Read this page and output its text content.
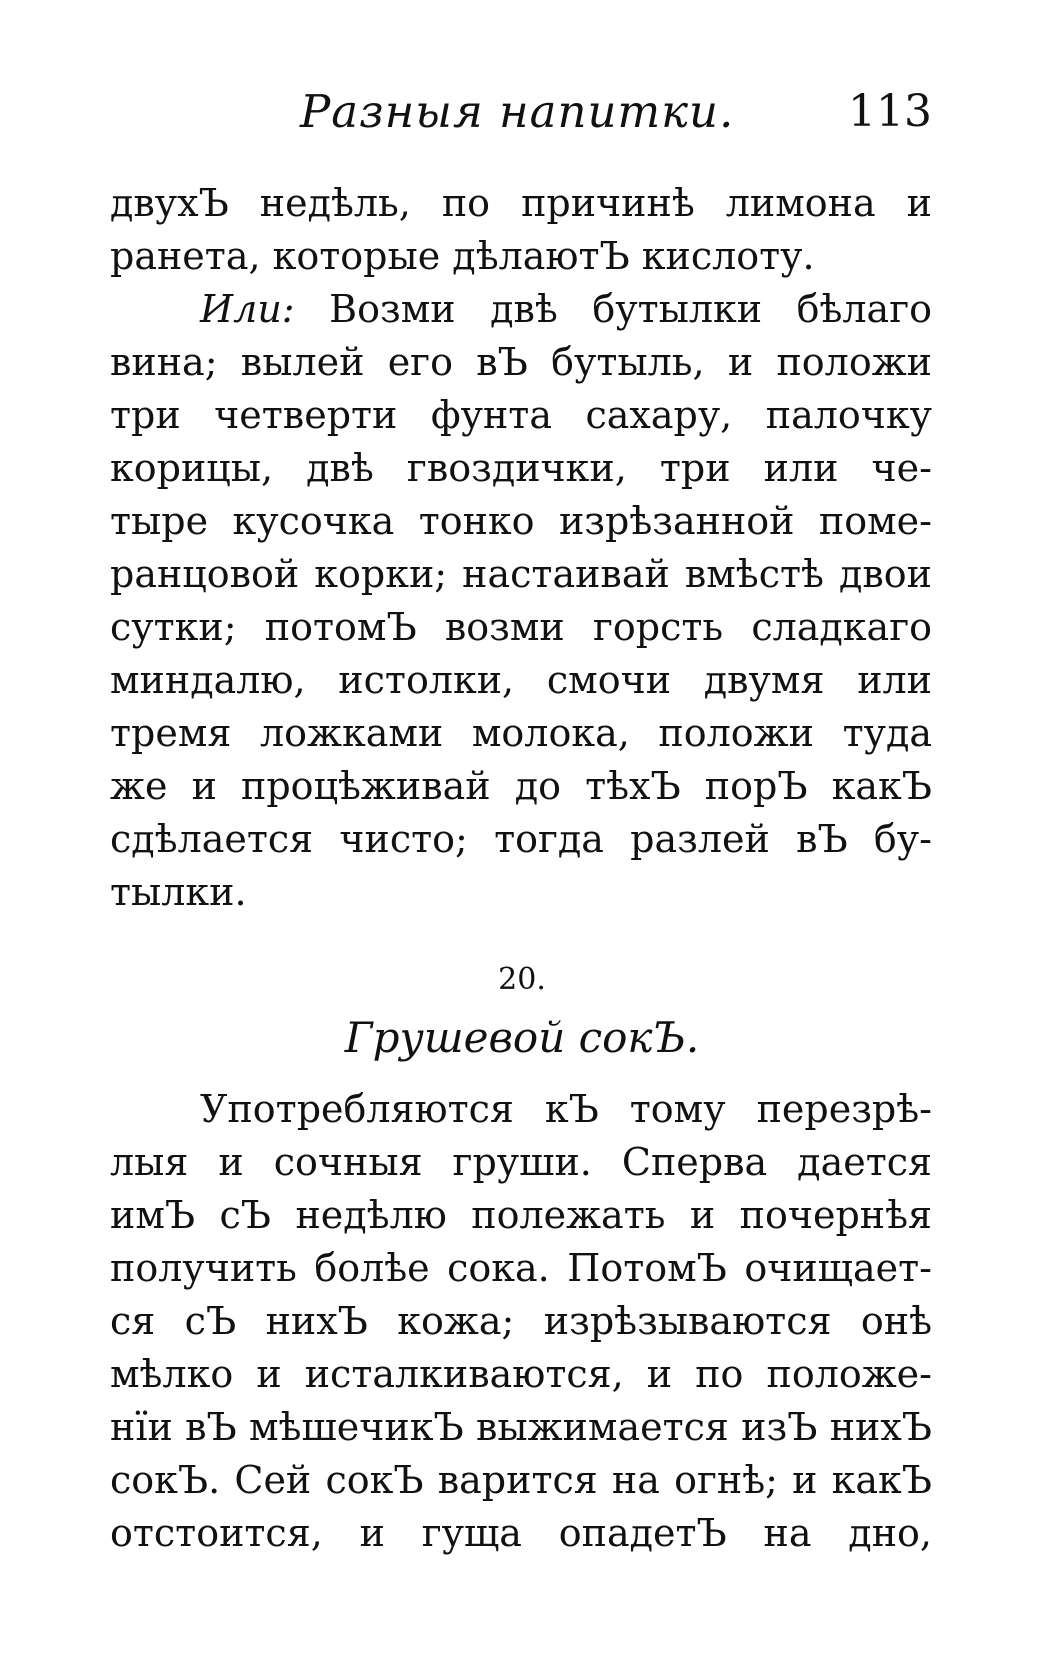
Разныя напитки.	113
двухЪ недѣль, по причинѣ лимона и
ранета, которые дѣлаютЪ кислоту.
Или: Возми двѣ бутылки бѣлаго
вина; вылей его вЪ бутыль, и положи
три четверти фунта сахару, палочку
корицы, двѣ гвоздички, три или че-
тыре кусочка тонко изрѣзанной поме-
ранцовой корки; настаивай вмѣстѣ двои
сутки; потомЪ возми горсть сладкаго
миндалю, истолки, смочи двумя или
тремя ложками молока, положи туда
же и процѣживай до тѣхЪ порЪ какЪ
сдѣлается чисто; тогда разлей вЪ бу-
тылки.
20.
Грушевой сокЪ.
Употребляются кЪ тому перезрѣ-
лыя и сочныя груши. Сперва дается
имЪ сЪ недѣлю полежать и почернѣя
получить болѣе сока. ПотомЪ очищает-
ся сЪ нихЪ кожа; изрѣзываются онѣ
мѣлко и исталкиваются, и по положе-
нïи вЪ мѣшечикЪ выжимается изЪ нихЪ
сокЪ. Сей сокЪ варится на огнѣ; и какЪ
отстоится, и гуща опадетЪ на дно,
